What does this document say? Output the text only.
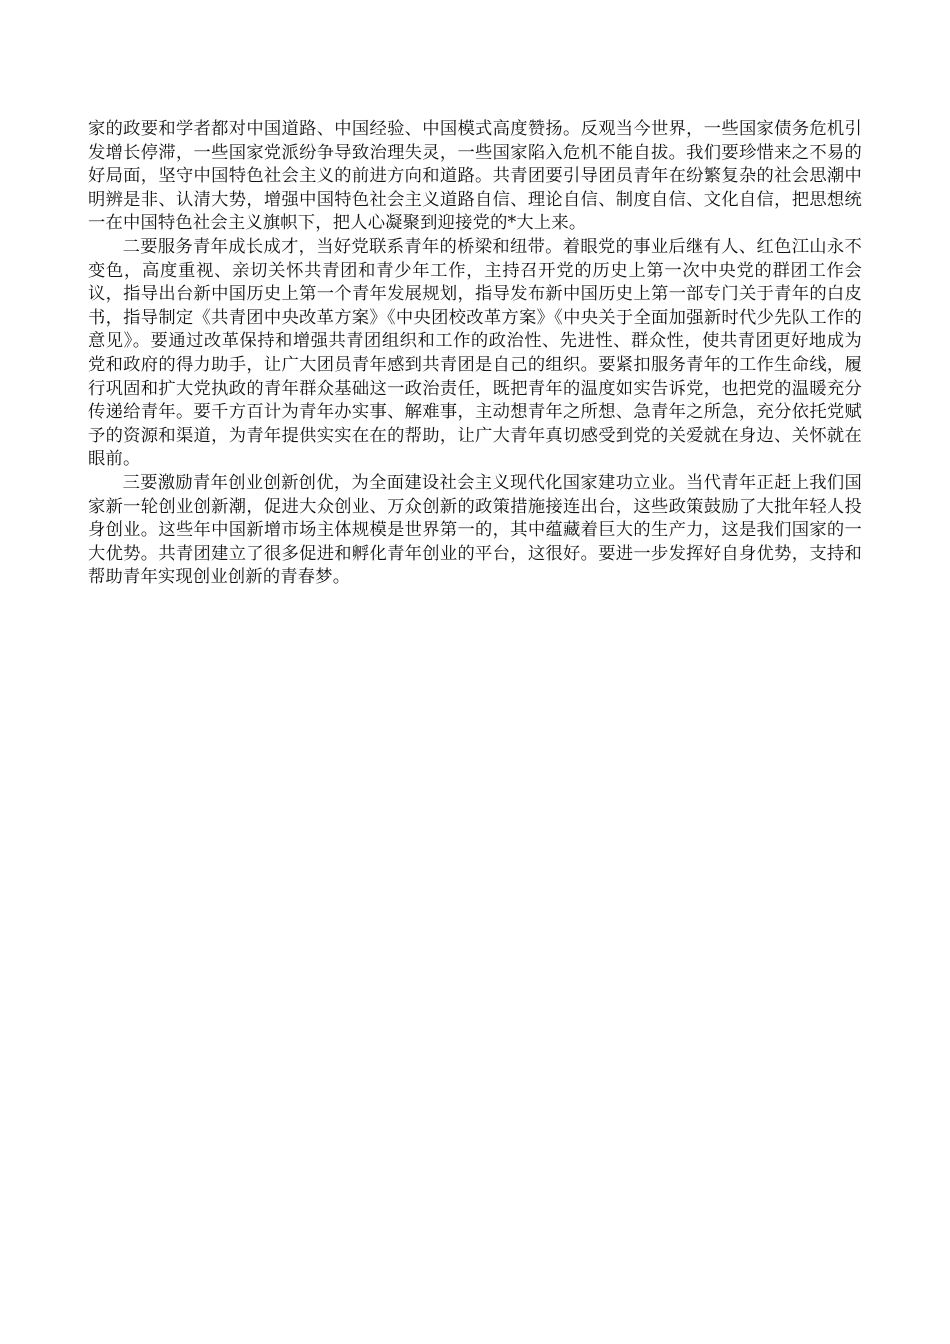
家的政要和学者都对中国道路、中国经验、中国模式高度赞扬。反观当今世界，一些国家债务危机引发增长停滞，一些国家党派纷争导致治理失灵，一些国家陷入危机不能自拔。我们要珍惜来之不易的好局面，坚守中国特色社会主义的前进方向和道路。共青团要引导团员青年在纷繁复杂的社会思潮中明辨是非、认清大势，增强中国特色社会主义道路自信、理论自信、制度自信、文化自信，把思想统一在中国特色社会主义旗帜下，把人心凝聚到迎接党的*大上来。

二要服务青年成长成才，当好党联系青年的桥梁和纽带。着眼党的事业后继有人、红色江山永不变色，高度重视、亲切关怀共青团和青少年工作，主持召开党的历史上第一次中央党的群团工作会议，指导出台新中国历史上第一个青年发展规划，指导发布新中国历史上第一部专门关于青年的白皮书，指导制定《共青团中央改革方案》《中央团校改革方案》《中央关于全面加强新时代少先队工作的意见》。要通过改革保持和增强共青团组织和工作的政治性、先进性、群众性，使共青团更好地成为党和政府的得力助手，让广大团员青年感到共青团是自己的组织。要紧扣服务青年的工作生命线，履行巩固和扩大党执政的青年群众基础这一政治责任，既把青年的温度如实告诉党，也把党的温暖充分传递给青年。要千方百计为青年办实事、解难事，主动想青年之所想、急青年之所急，充分依托党赋予的资源和渠道，为青年提供实实在在的帮助，让广大青年真切感受到党的关爱就在身边、关怀就在眼前。

三要激励青年创业创新创优，为全面建设社会主义现代化国家建功立业。当代青年正赶上我们国家新一轮创业创新潮，促进大众创业、万众创新的政策措施接连出台，这些政策鼓励了大批年轻人投身创业。这些年中国新增市场主体规模是世界第一的，其中蕴藏着巨大的生产力，这是我们国家的一大优势。共青团建立了很多促进和孵化青年创业的平台，这很好。要进一步发挥好自身优势，支持和帮助青年实现创业创新的青春梦。
